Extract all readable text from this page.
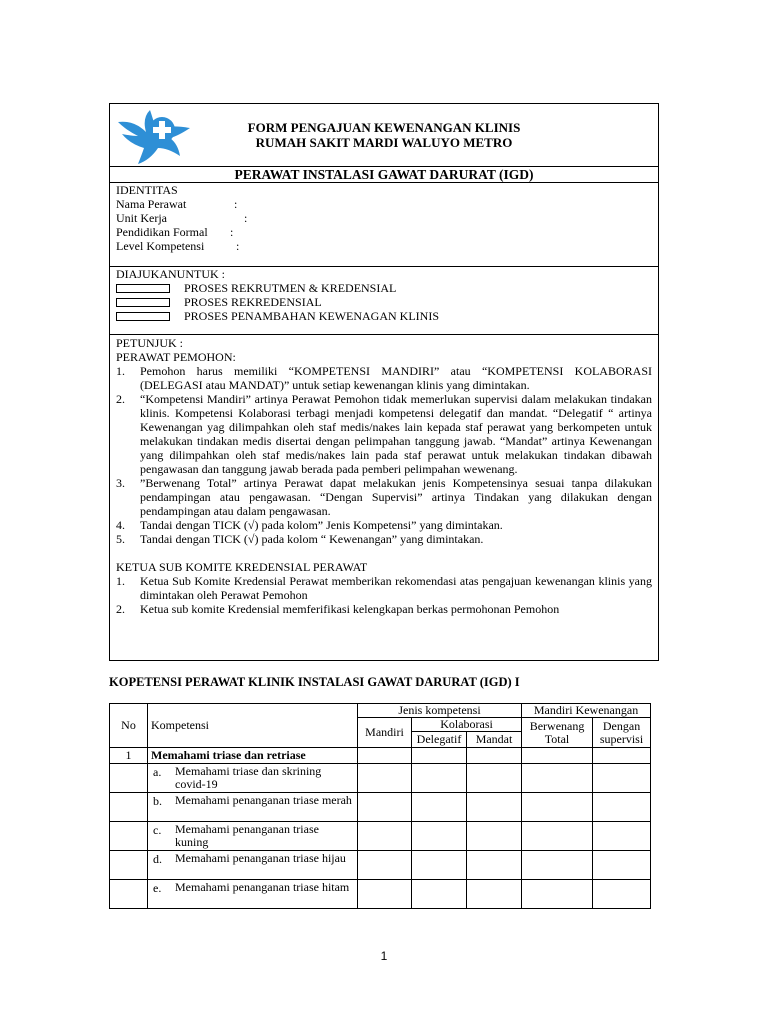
FORM PENGAJUAN KEWENANGAN KLINIS
RUMAH SAKIT MARDI WALUYO METRO
PERAWAT INSTALASI GAWAT DARURAT (IGD)
IDENTITAS
Nama Perawat	:
Unit Kerja	:
Pendidikan Formal	:
Level Kompetensi	:
DIAJUKANUNTUK :
PROSES REKRUTMEN & KREDENSIAL
PROSES REKREDENSIAL
PROSES PENAMBAHAN KEWENAGAN KLINIS
PETUNJUK :
PERAWAT PEMOHON:
1.	Pemohon harus memiliki “KOMPETENSI MANDIRI” atau “KOMPETENSI KOLABORASI (DELEGASI atau MANDAT)” untuk setiap kewenangan klinis yang dimintakan.
2.	“Kompetensi Mandiri” artinya Perawat Pemohon tidak memerlukan supervisi dalam melakukan tindakan klinis. Kompetensi Kolaborasi terbagi menjadi kompetensi delegatif dan mandat. “Delegatif “ artinya Kewenangan yag dilimpahkan oleh staf medis/nakes lain kepada staf perawat yang berkompeten untuk melakukan tindakan medis disertai dengan pelimpahan tanggung jawab. “Mandat” artinya Kewenangan yang dilimpahkan oleh staf medis/nakes lain pada staf perawat untuk melakukan tindakan dibawah pengawasan dan tanggung jawab berada pada pemberi pelimpahan wewenang.
3.	”Berwenang Total” artinya Perawat dapat melakukan jenis Kompetensinya sesuai tanpa dilakukan pendampingan atau pengawasan. “Dengan Supervisi” artinya Tindakan yang dilakukan dengan pendampingan atau dalam pengawasan.
4.	Tandai dengan TICK (√) pada kolom” Jenis Kompetensi” yang dimintakan.
5.	Tandai dengan TICK (√) pada kolom “ Kewenangan” yang dimintakan.
KETUA SUB KOMITE KREDENSIAL PERAWAT
1.	Ketua Sub Komite Kredensial Perawat memberikan rekomendasi atas pengajuan kewenangan klinis yang dimintakan oleh Perawat Pemohon
2.	Ketua sub komite Kredensial memferifikasi kelengkapan berkas permohonan Pemohon
KOPETENSI PERAWAT KLINIK INSTALASI GAWAT DARURAT (IGD) I
No	Kompetensi	Jenis kompetensi			Mandiri Kewenangan	
		Mandiri	Kolaborasi		Berwenang Total	Dengan supervisi
			Delegatif	Mandat		
1	Memahami triase dan retriase					

	a. Memahami triase dan skrining covid-19					

	b. Memahami penanganan triase merah					

	c. Memahami penanganan triase kuning					

	d. Memahami penanganan triase hijau					

	e. Memahami penanganan triase hitam					

1
